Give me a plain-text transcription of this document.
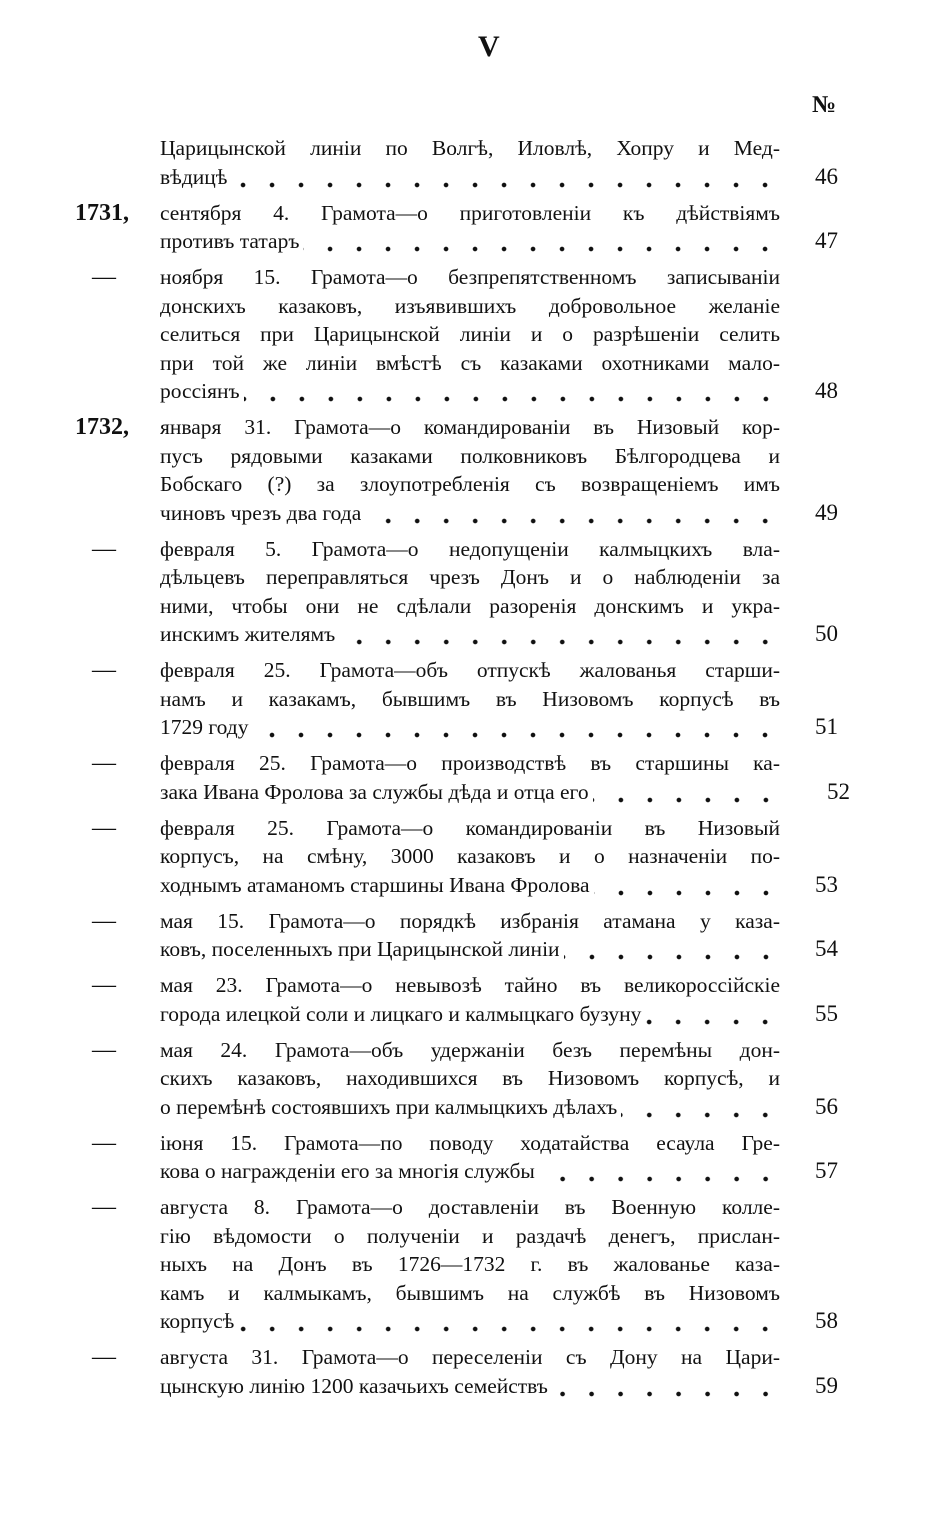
V
№
Царицынской линіи по Волгѣ, Иловлѣ, Хопру и Мед-
вѣдицѣ	46
1731,	сентября 4. Грамота—о приготовленіи къ дѣйствіямъ
противъ татаръ	47
— ноября 15. Грамота—о безпрепятственномъ записываніи
донскихъ казаковъ, изъявившихъ добровольное желаніе
селиться при Царицынской линіи и о разрѣшеніи селить
при той же линіи вмѣстѣ съ казаками охотниками мало-
россіянъ	48
1732,	января 31. Грамота—о командированіи въ Низовый кор-
пусъ рядовыми казаками полковниковъ Бѣлгородцева и
Бобскаго (?) за злоупотребленія съ возвращеніемъ имъ
чиновъ чрезъ два года	49
— февраля 5. Грамота—о недопущеніи калмыцкихъ вла-
дѣльцевъ переправляться чрезъ Донъ и о наблюденіи за
ними, чтобы они не сдѣлали разоренія донскимъ и укра-
инскимъ жителямъ	50
— февраля 25. Грамота—объ отпускѣ жалованья старши-
намъ и казакамъ, бывшимъ въ Низовомъ корпусѣ въ
1729 году	51
— февраля 25. Грамота—о производствѣ въ старшины ка-
зака Ивана Фролова за службы дѣда и отца его	52
— февраля 25. Грамота—о командированіи въ Низовый
корпусъ, на смѣну, 3000 казаковъ и о назначеніи по-
ходнымъ атаманомъ старшины Ивана Фролова	53
— мая 15. Грамота—о порядкѣ избранія атамана у каза-
ковъ, поселенныхъ при Царицынской линіи	54
— мая 23. Грамота—о невывозѣ тайно въ великороссійскіе
города илецкой соли и лицкаго и калмыцкаго бузуну	55
— мая 24. Грамота—объ удержаніи безъ перемѣны дон-
скихъ казаковъ, находившихся въ Низовомъ корпусѣ, и
о перемѣнѣ состоявшихъ при калмыцкихъ дѣлахъ	56
— іюня 15. Грамота—по поводу ходатайства есаула Гре-
кова о награжденіи его за многія службы	57
— августа 8. Грамота—о доставленіи въ Военную колле-
гію вѣдомости о полученіи и раздачѣ денегъ, прислан-
ныхъ на Донъ въ 1726—1732 г. въ жалованье каза-
камъ и калмыкамъ, бывшимъ на службѣ въ Низовомъ
корпусѣ	58
— августа 31. Грамота—о переселеніи съ Дону на Цари-
цынскую линію 1200 казачьихъ семействъ	59
